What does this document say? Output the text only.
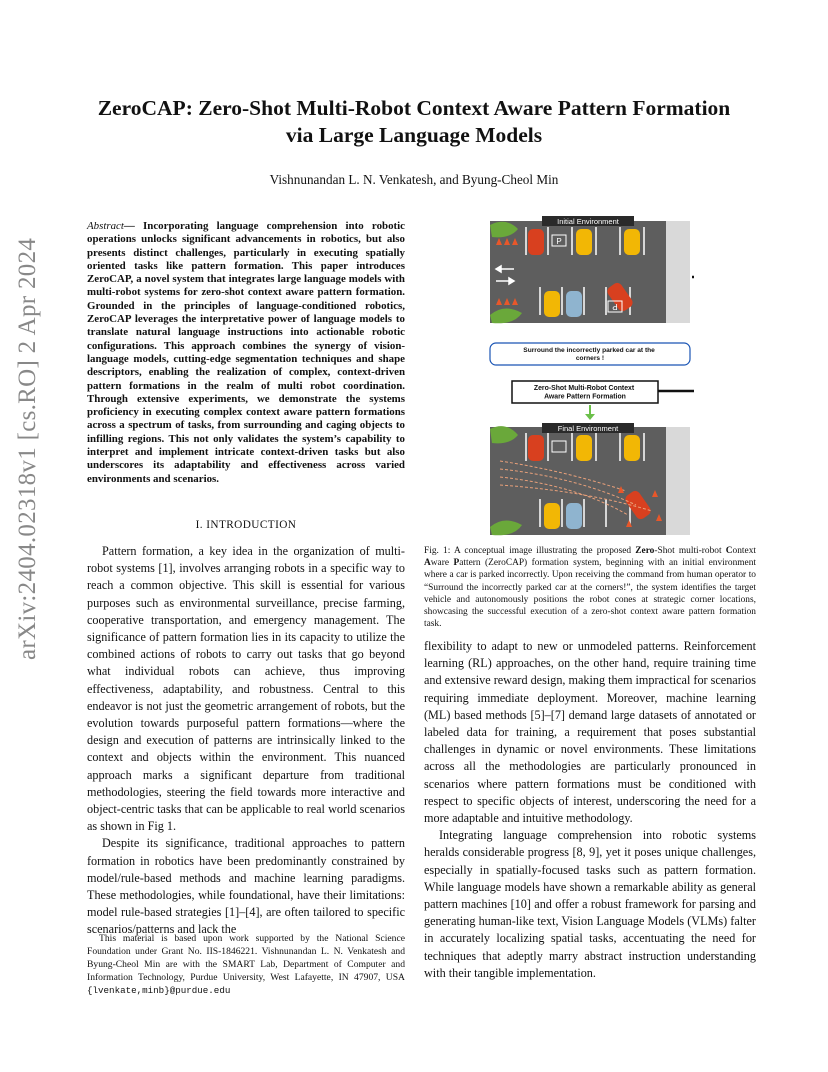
ZeroCAP: Zero-Shot Multi-Robot Context Aware Pattern Formation
via Large Language Models
Vishnunandan L. N. Venkatesh, and Byung-Cheol Min
arXiv:2404.02318v1 [cs.RO] 2 Apr 2024
Abstract— Incorporating language comprehension into robotic operations unlocks significant advancements in robotics, but also presents distinct challenges, particularly in executing spatially oriented tasks like pattern formation. This paper introduces ZeroCAP, a novel system that integrates large language models with multi-robot systems for zero-shot context aware pattern formation. Grounded in the principles of language-conditioned robotics, ZeroCAP leverages the interpretative power of language models to translate natural language instructions into actionable robotic configurations. This approach combines the synergy of vision-language models, cutting-edge segmentation techniques and shape descriptors, enabling the realization of complex, context-driven pattern formations in the realm of multi robot coordination. Through extensive experiments, we demonstrate the systems proficiency in executing complex context aware pattern formations across a spectrum of tasks, from surrounding and caging objects to infilling regions. This not only validates the system’s capability to interpret and implement intricate context-driven tasks but also underscores its adaptability and effectiveness across varied environments and scenarios.
I. INTRODUCTION

Pattern formation, a key idea in the organization of multi-robot systems [1], involves arranging robots in a specific way to reach a common objective. This skill is essential for various purposes such as environmental surveillance, precise farming, cooperative transportation, and emergency management. The significance of pattern formation lies in its capacity to utilize the combined actions of robots to carry out tasks that go beyond what individual robots can achieve, thus improving effectiveness, adaptability, and robustness. Central to this endeavor is not just the geometric arrangement of robots, but the evolution towards purposeful pattern formations—where the design and execution of patterns are intrinsically linked to the context and objects within the environment. This nuanced approach marks a significant departure from traditional methodologies, steering the field towards more interactive and object-centric tasks that can be applicable to real world scenarios as shown in Fig 1.

Despite its significance, traditional approaches to pattern formation in robotics have been predominantly constrained by model/rule-based methods and machine learning paradigms. These methodologies, while foundational, have their limitations: model rule-based strategies [1]–[4], are often tailored to specific scenarios/patterns and lack the

This material is based upon work supported by the National Science Foundation under Grant No. IIS-1846221. Vishnunandan L. N. Venkatesh and Byung-Cheol Min are with the SMART Lab, Department of Computer and Information Technology, Purdue University, West Lafayette, IN 47907, USA {lvenkate,minb}@purdue.edu

Initial Environment
P
P
Surround the incorrectly parked car at the corners !
Zero-Shot Multi-Robot Context Aware Pattern Formation
Final Environment
Fig. 1: A conceptual image illustrating the proposed Zero-Shot multi-robot Context Aware Pattern (ZeroCAP) formation system, beginning with an initial environment where a car is parked incorrectly. Upon receiving the command from human operator to “Surround the incorrectly parked car at the corners!”, the system identifies the target vehicle and autonomously positions the robot cones at strategic corner locations, showcasing the successful execution of a zero-shot context aware pattern formation task.

flexibility to adapt to new or unmodeled patterns. Reinforcement learning (RL) approaches, on the other hand, require training time and extensive reward design, making them impractical for scenarios requiring immediate deployment. Moreover, machine learning (ML) based methods [5]–[7] demand large datasets of annotated or labeled data for training, a requirement that poses substantial challenges in dynamic or novel environments. These limitations across all the methodologies are particularly pronounced in scenarios where pattern formations must be conditioned with respect to specific objects of interest, underscoring the need for a more adaptable and intuitive methodology.

Integrating language comprehension into robotic systems heralds considerable progress [8, 9], yet it poses unique challenges, especially in spatially-focused tasks such as pattern formation. While language models have shown a remarkable ability as general pattern machines [10] and offer a robust framework for parsing and generating human-like text, Vision Language Models (VLMs) falter in accurately localizing spatial tasks, accentuating the need for techniques that adeptly marry abstract instruction understanding with their tangible implementation.
